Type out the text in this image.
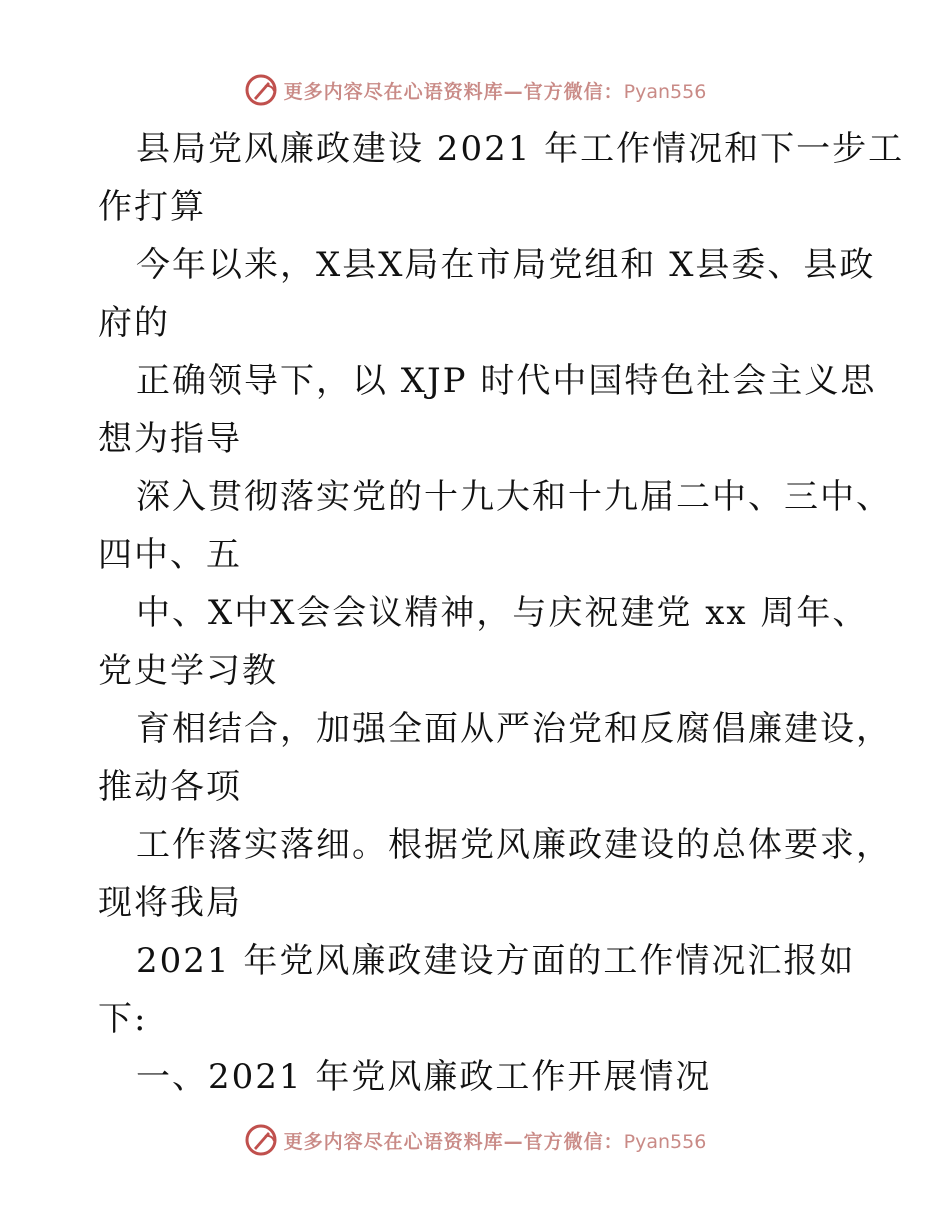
更多内容尽在心语资料库—官方微信：Pyan556
县局党风廉政建设 2021 年工作情况和下一步工
作打算
今年以来，X县X局在市局党组和 X县委、县政
府的
正确领导下，以 XJP 时代中国特色社会主义思
想为指导
深入贯彻落实党的十九大和十九届二中、三中、
四中、五
中、X中X会会议精神，与庆祝建党 xx 周年、
党史学习教
育相结合，加强全面从严治党和反腐倡廉建设，
推动各项
工作落实落细。根据党风廉政建设的总体要求，
现将我局
2021 年党风廉政建设方面的工作情况汇报如
下:
一、2021 年党风廉政工作开展情况
更多内容尽在心语资料库—官方微信：Pyan556
